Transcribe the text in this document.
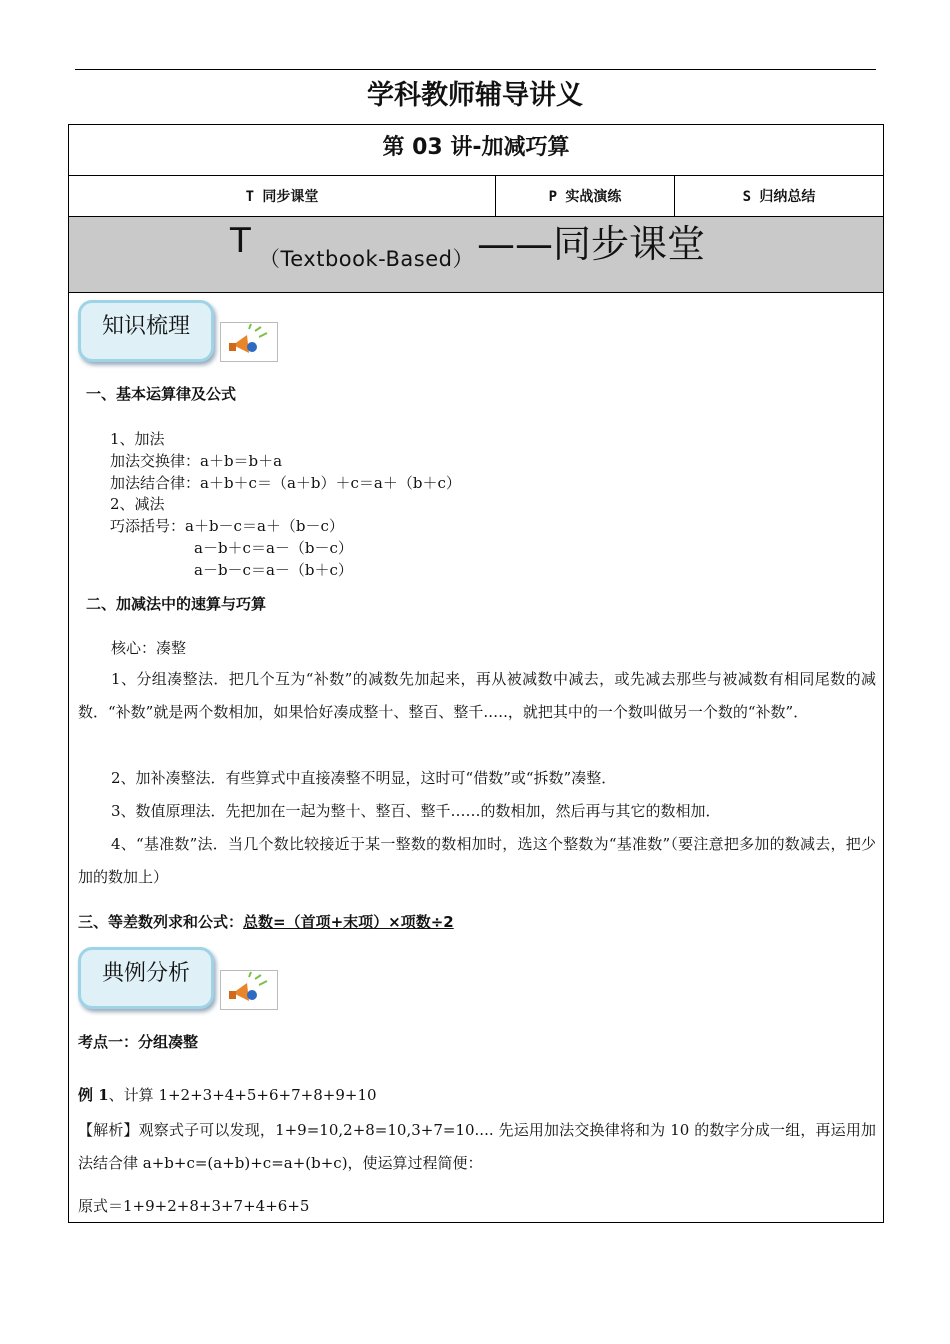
学科教师辅导讲义
第 03 讲-加减巧算
T 同步课堂	P 实战演练	S 归纳总结
T （Textbook-Based） ——同步课堂
知识梳理
一、基本运算律及公式
1、加法
加法交换律：a＋b＝b＋a
加法结合律：a＋b＋c＝（a＋b）＋c＝a＋（b＋c）
2、减法
巧添括号：a＋b－c＝a＋（b－c）
a－b＋c＝a－（b－c）
a－b－c＝a－（b＋c）
二、加减法中的速算与巧算
核心：凑整
1、分组凑整法．把几个互为“补数”的减数先加起来，再从被减数中减去，或先减去那些与被减数有相同尾数的减数．“补数”就是两个数相加，如果恰好凑成整十、整百、整千.….，就把其中的一个数叫做另一个数的“补数”．
2、加补凑整法．有些算式中直接凑整不明显，这时可“借数”或“拆数”凑整．
3、数值原理法．先把加在一起为整十、整百、整千……的数相加，然后再与其它的数相加．
4、“基准数”法．当几个数比较接近于某一整数的数相加时，选这个整数为“基准数”（要注意把多加的数减去，把少加的数加上）
三、等差数列求和公式：总数=（首项+末项）×项数÷2
典例分析
考点一：分组凑整
例 1、计算 1+2+3+4+5+6+7+8+9+10
【解析】观察式子可以发现，1+9=10,2+8=10,3+7=10.... 先运用加法交换律将和为 10 的数字分成一组，再运用加法结合律 a+b+c=(a+b)+c=a+(b+c)，使运算过程简便：
原式＝1+9+2+8+3+7+4+6+5
